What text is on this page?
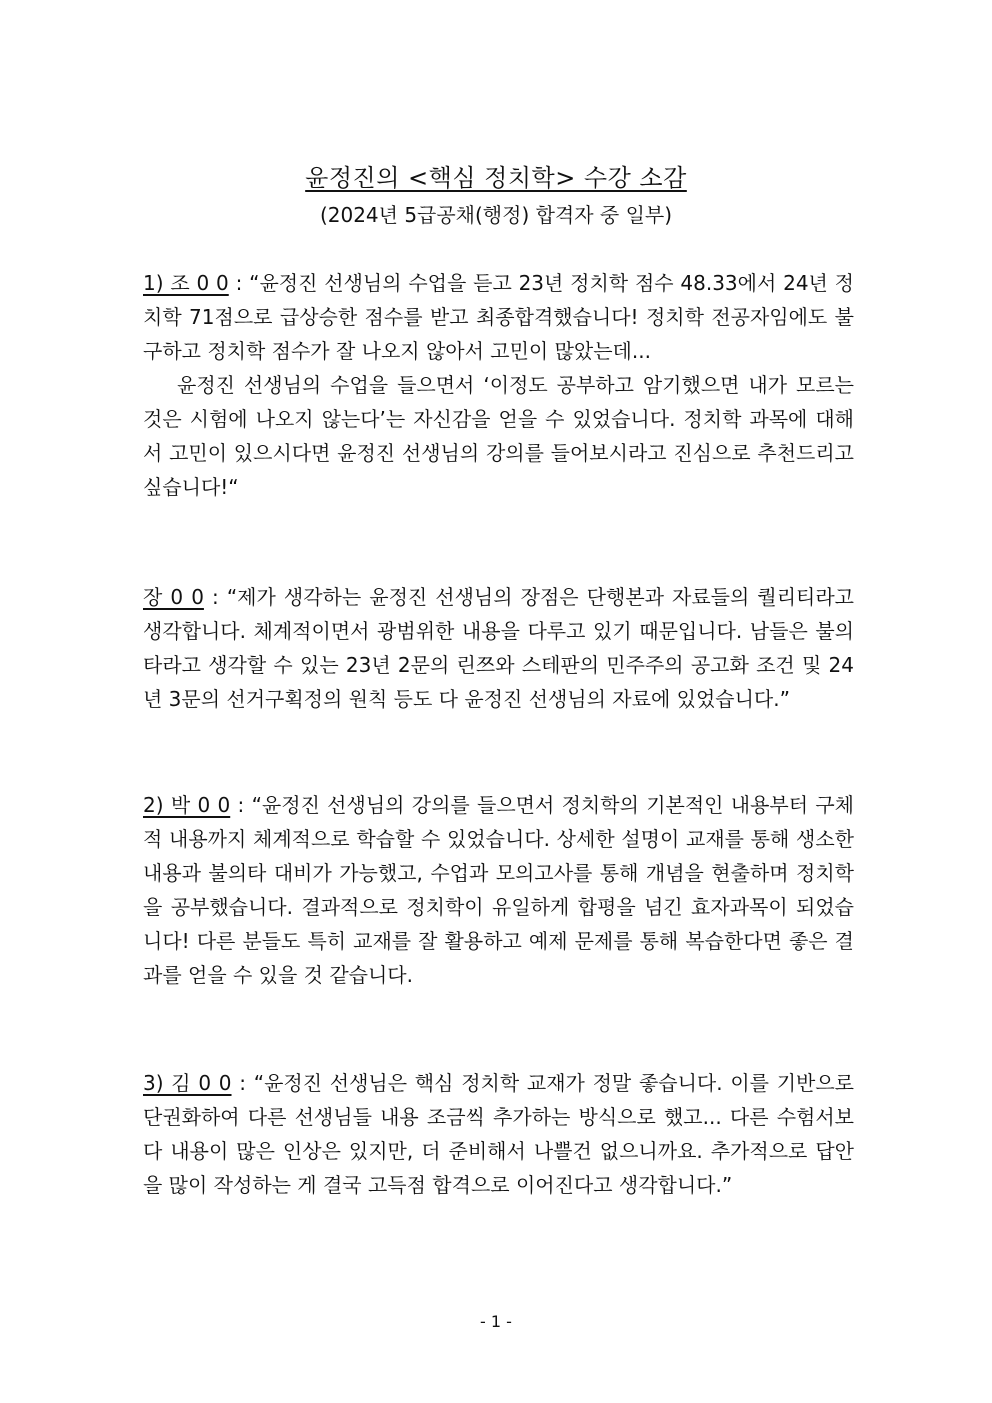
윤정진의 <핵심 정치학> 수강 소감
(2024년 5급공채(행정) 합격자 중 일부)

1) 조 0 0 : “윤정진 선생님의 수업을 듣고 23년 정치학 점수 48.33에서 24년 정치학 71점으로 급상승한 점수를 받고 최종합격했습니다! 정치학 전공자임에도 불구하고 정치학 점수가 잘 나오지 않아서 고민이 많았는데...

윤정진 선생님의 수업을 들으면서 ‘이정도 공부하고 암기했으면 내가 모르는 것은 시험에 나오지 않는다’는 자신감을 얻을 수 있었습니다. 정치학 과목에 대해서 고민이 있으시다면 윤정진 선생님의 강의를 들어보시라고 진심으로 추천드리고 싶습니다!“

장 0 0 : “제가 생각하는 윤정진 선생님의 장점은 단행본과 자료들의 퀄리티라고 생각합니다. 체계적이면서 광범위한 내용을 다루고 있기 때문입니다. 남들은 불의타라고 생각할 수 있는 23년 2문의 린쯔와 스테판의 민주주의 공고화 조건 및 24년 3문의 선거구획정의 원칙 등도 다 윤정진 선생님의 자료에 있었습니다.”

2) 박 0 0 : “윤정진 선생님의 강의를 들으면서 정치학의 기본적인 내용부터 구체적 내용까지 체계적으로 학습할 수 있었습니다. 상세한 설명이 교재를 통해 생소한 내용과 불의타 대비가 가능했고, 수업과 모의고사를 통해 개념을 현출하며 정치학을 공부했습니다. 결과적으로 정치학이 유일하게 합평을 넘긴 효자과목이 되었습니다! 다른 분들도 특히 교재를 잘 활용하고 예제 문제를 통해 복습한다면 좋은 결과를 얻을 수 있을 것 같습니다.

3) 김 0 0 : “윤정진 선생님은 핵심 정치학 교재가 정말 좋습니다. 이를 기반으로 단권화하여 다른 선생님들 내용 조금씩 추가하는 방식으로 했고... 다른 수험서보다 내용이 많은 인상은 있지만, 더 준비해서 나쁠건 없으니까요. 추가적으로 답안을 많이 작성하는 게 결국 고득점 합격으로 이어진다고 생각합니다.”

- 1 -
